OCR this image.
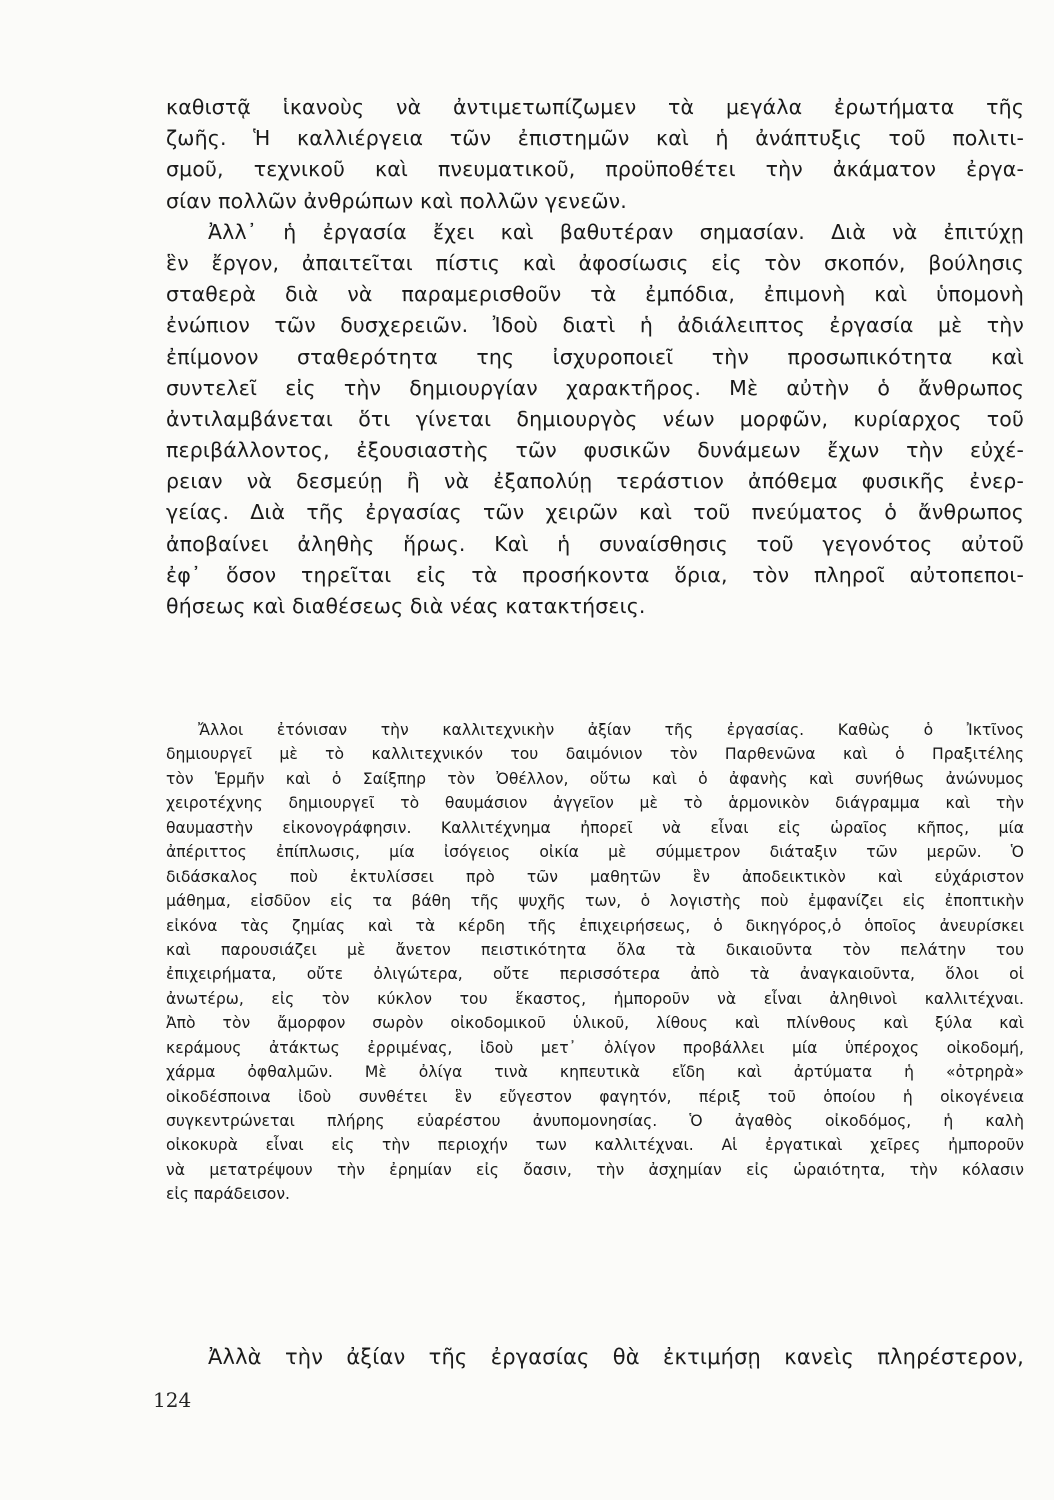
καθιστᾷ ἱκανοὺς νὰ ἀντιμετωπίζωμεν τὰ μεγάλα ἐρωτήματα τῆς
ζωῆς. Ἡ καλλιέργεια τῶν ἐπιστημῶν καὶ ἡ ἀνάπτυξις τοῦ πολιτι-
σμοῦ, τεχνικοῦ καὶ πνευματικοῦ, προϋποθέτει τὴν ἀκάματον ἐργα-
σίαν πολλῶν ἀνθρώπων καὶ πολλῶν γενεῶν.
Ἀλλ᾽ ἡ ἐργασία ἔχει καὶ βαθυτέραν σημασίαν. Διὰ νὰ ἐπιτύχῃ
ἓν ἔργον, ἀπαιτεῖται πίστις καὶ ἀφοσίωσις εἰς τὸν σκοπόν, βούλησις
σταθερὰ διὰ νὰ παραμερισθοῦν τὰ ἐμπόδια, ἐπιμονὴ καὶ ὑπομονὴ
ἐνώπιον τῶν δυσχερειῶν. Ἰδοὺ διατὶ ἡ ἀδιάλειπτος ἐργασία μὲ τὴν
ἐπίμονον σταθερότητα της ἰσχυροποιεῖ τὴν προσωπικότητα καὶ
συντελεῖ εἰς τὴν δημιουργίαν χαρακτῆρος. Μὲ αὐτὴν ὁ ἄνθρωπος
ἀντιλαμβάνεται ὅτι γίνεται δημιουργὸς νέων μορφῶν, κυρίαρχος τοῦ
περιβάλλοντος, ἐξουσιαστὴς τῶν φυσικῶν δυνάμεων ἔχων τὴν εὐχέ-
ρειαν νὰ δεσμεύῃ ἢ νὰ ἐξαπολύῃ τεράστιον ἀπόθεμα φυσικῆς ἐνερ-
γείας. Διὰ τῆς ἐργασίας τῶν χειρῶν καὶ τοῦ πνεύματος ὁ ἄνθρωπος
ἀποβαίνει ἀληθὴς ἥρως. Καὶ ἡ συναίσθησις τοῦ γεγονότος αὐτοῦ
ἐφ᾽ ὅσον τηρεῖται εἰς τὰ προσήκοντα ὅρια, τὸν πληροῖ αὐτοπεποι-
θήσεως καὶ διαθέσεως διὰ νέας κατακτήσεις.
Ἄλλοι ἐτόνισαν τὴν καλλιτεχνικὴν ἀξίαν τῆς ἐργασίας. Καθὼς ὁ Ἰκτῖνος
δημιουργεῖ μὲ τὸ καλλιτεχνικόν του δαιμόνιον τὸν Παρθενῶνα καὶ ὁ Πραξιτέλης
τὸν Ἑρμῆν καὶ ὁ Σαίξπηρ τὸν Ὀθέλλον, οὕτω καὶ ὁ ἀφανὴς καὶ συνήθως ἀνώνυμος
χειροτέχνης δημιουργεῖ τὸ θαυμάσιον ἀγγεῖον μὲ τὸ ἁρμονικὸν διάγραμμα καὶ τὴν
θαυμαστὴν εἰκονογράφησιν. Καλλιτέχνημα ἠπορεῖ νὰ εἶναι εἰς ὡραῖος κῆπος, μία
ἀπέριττος ἐπίπλωσις, μία ἰσόγειος οἰκία μὲ σύμμετρον διάταξιν τῶν μερῶν. Ὁ
διδάσκαλος ποὺ ἐκτυλίσσει πρὸ τῶν μαθητῶν ἓν ἀποδεικτικὸν καὶ εὐχάριστον
μάθημα, εἰσδῦον εἰς τα βάθη τῆς ψυχῆς των, ὁ λογιστὴς ποὺ ἐμφανίζει εἰς ἐποπτικὴν
εἰκόνα τὰς ζημίας καὶ τὰ κέρδη τῆς ἐπιχειρήσεως, ὁ δικηγόρος,ὁ ὁποῖος ἀνευρίσκει
καὶ παρουσιάζει μὲ ἄνετον πειστικότητα ὅλα τὰ δικαιοῦντα τὸν πελάτην του
ἐπιχειρήματα, οὔτε ὀλιγώτερα, οὔτε περισσότερα ἀπὸ τὰ ἀναγκαιοῦντα, ὅλοι οἱ
ἀνωτέρω, εἰς τὸν κύκλον του ἕκαστος, ἠμποροῦν νὰ εἶναι ἀληθινοὶ καλλιτέχναι.
Ἀπὸ τὸν ἄμορφον σωρὸν οἰκοδομικοῦ ὑλικοῦ, λίθους καὶ πλίνθους καὶ ξύλα καὶ
κεράμους ἀτάκτως ἐρριμένας, ἰδοὺ μετ᾽ ὀλίγον προβάλλει μία ὑπέροχος οἰκοδομή,
χάρμα ὀφθαλμῶν. Μὲ ὀλίγα τινὰ κηπευτικὰ εἴδη καὶ ἀρτύματα ἡ «ὀτρηρὰ»
οἰκοδέσποινα ἰδοὺ συνθέτει ἓν εὔγεστον φαγητόν, πέριξ τοῦ ὁποίου ἡ οἰκογένεια
συγκεντρώνεται πλήρης εὐαρέστου ἀνυπομονησίας. Ὁ ἀγαθὸς οἰκοδόμος, ἡ καλὴ
οἰκοκυρὰ εἶναι εἰς τὴν περιοχήν των καλλιτέχναι. Αἱ ἐργατικαὶ χεῖρες ἠμποροῦν
νὰ μετατρέψουν τὴν ἐρημίαν εἰς ὄασιν, τὴν ἀσχημίαν εἰς ὡραιότητα, τὴν κόλασιν
εἰς παράδεισον.
Ἀλλὰ τὴν ἀξίαν τῆς ἐργασίας θὰ ἐκτιμήσῃ κανεὶς πληρέστερον,
124
